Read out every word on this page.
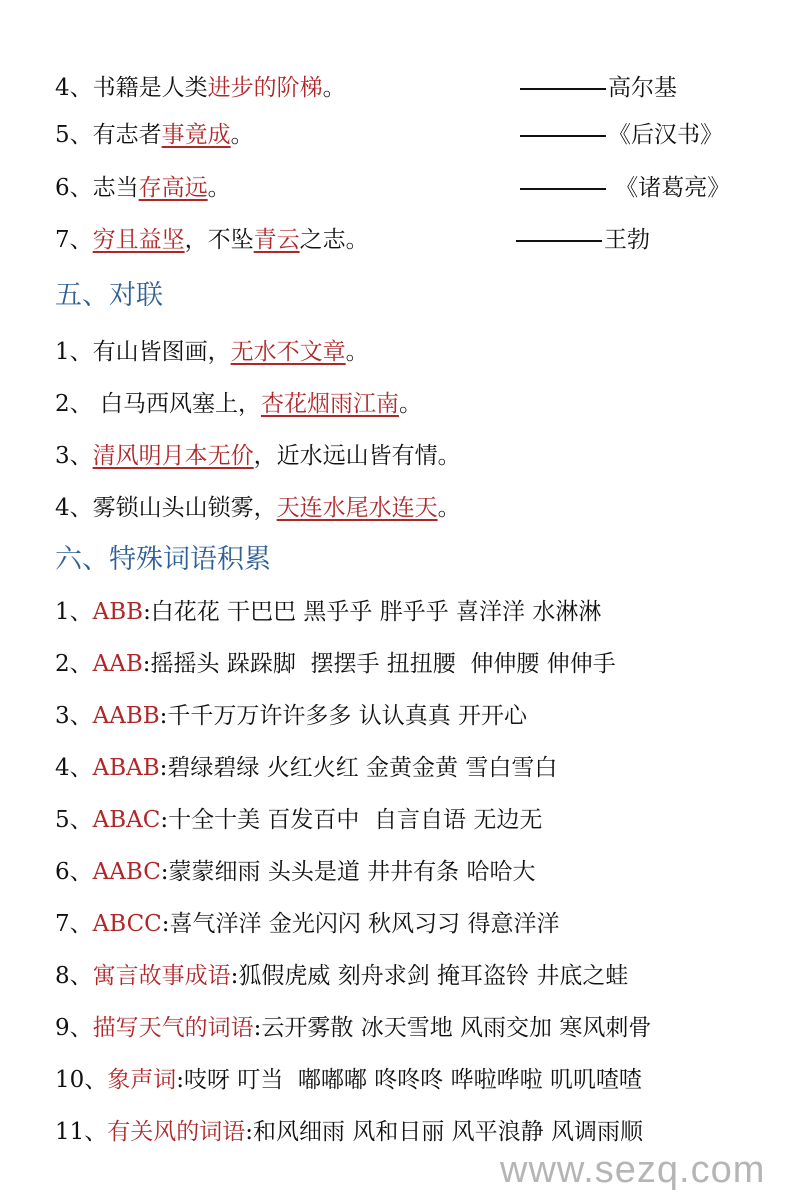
五、对联
六、特殊词语积累
www.sezq.com
4、书籍是人类进步的阶梯。	高尔基
5、有志者事竟成。	《后汉书》
6、志当存高远。	《诸葛亮》
7、穷且益坚，不坠青云之志。	王勃
1、有山皆图画，无水不文章。
2、 白马西风塞上，杏花烟雨江南。
3、清风明月本无价，近水远山皆有情。
4、雾锁山头山锁雾，天连水尾水连天。
1、ABB:白花花 干巴巴 黑乎乎 胖乎乎 喜洋洋 水淋淋
2、AAB:摇摇头 跺跺脚  摆摆手 扭扭腰  伸伸腰 伸伸手
3、AABB:千千万万许许多多 认认真真 开开心
4、ABAB:碧绿碧绿 火红火红 金黄金黄 雪白雪白
5、ABAC:十全十美 百发百中  自言自语 无边无
6、AABC:蒙蒙细雨 头头是道 井井有条 哈哈大
7、ABCC:喜气洋洋 金光闪闪 秋风习习 得意洋洋
8、寓言故事成语:狐假虎威 刻舟求剑 掩耳盗铃 井底之蛙
9、描写天气的词语:云开雾散 冰天雪地 风雨交加 寒风刺骨
10、象声词:吱呀 叮当  嘟嘟嘟 咚咚咚 哗啦哗啦 叽叽喳喳
11、有关风的词语:和风细雨 风和日丽 风平浪静 风调雨顺
